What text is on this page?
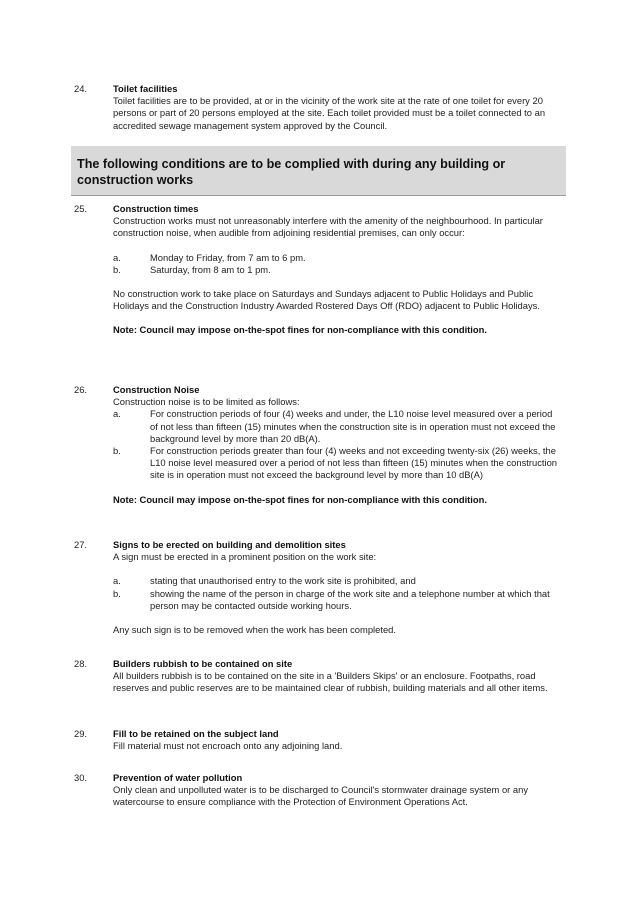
24.	Toilet facilities

Toilet facilities are to be provided, at or in the vicinity of the work site at the rate of one toilet for every 20 persons or part of 20 persons employed at the site. Each toilet provided must be a toilet connected to an accredited sewage management system approved by the Council.

The following conditions are to be complied with during any building or construction works
25.	Construction times

Construction works must not unreasonably interfere with the amenity of the neighbourhood. In particular construction noise, when audible from adjoining residential premises, can only occur:

a.	Monday to Friday, from 7 am to 6 pm.
b.	Saturday, from 8 am to 1 pm.

No construction work to take place on Saturdays and Sundays adjacent to Public Holidays and Public Holidays and the Construction Industry Awarded Rostered Days Off (RDO) adjacent to Public Holidays.

Note: Council may impose on-the-spot fines for non-compliance with this condition.

26.	Construction Noise

Construction noise is to be limited as follows:

a.	For construction periods of four (4) weeks and under, the L10 noise level measured over a period of not less than fifteen (15) minutes when the construction site is in operation must not exceed the background level by more than 20 dB(A).
b.	For construction periods greater than four (4) weeks and not exceeding twenty-six (26) weeks, the L10 noise level measured over a period of not less than fifteen (15) minutes when the construction site is in operation must not exceed the background level by more than 10 dB(A)

Note: Council may impose on-the-spot fines for non-compliance with this condition.

27.	Signs to be erected on building and demolition sites

A sign must be erected in a prominent position on the work site:

a.	stating that unauthorised entry to the work site is prohibited, and
b.	showing the name of the person in charge of the work site and a telephone number at which that person may be contacted outside working hours.

Any such sign is to be removed when the work has been completed.

28.	Builders rubbish to be contained on site

All builders rubbish is to be contained on the site in a 'Builders Skips' or an enclosure. Footpaths, road reserves and public reserves are to be maintained clear of rubbish, building materials and all other items.

29.	Fill to be retained on the subject land

Fill material must not encroach onto any adjoining land.

30.	Prevention of water pollution

Only clean and unpolluted water is to be discharged to Council's stormwater drainage system or any watercourse to ensure compliance with the Protection of Environment Operations Act.
